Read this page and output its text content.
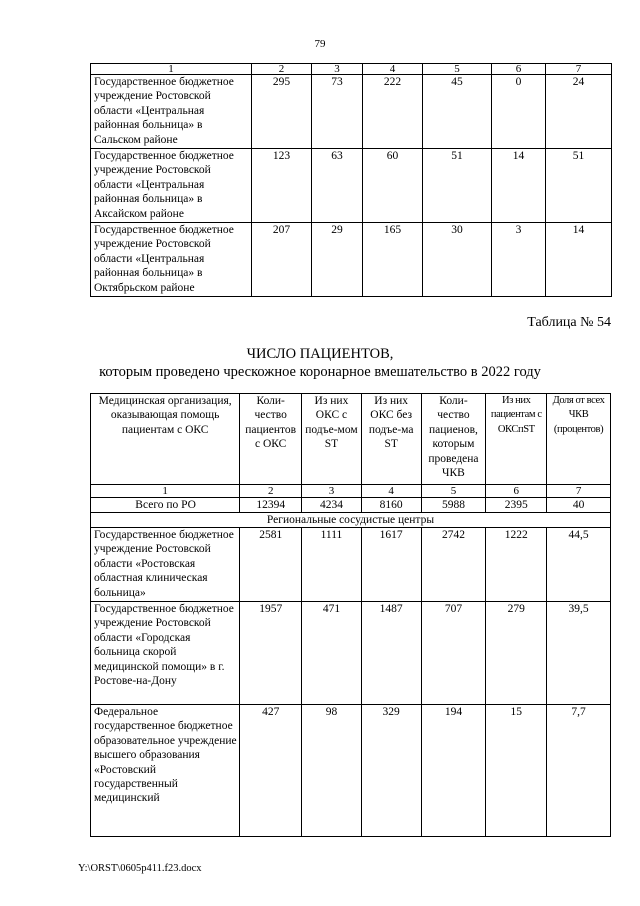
79
1	2	3	4	5	6	7
Государственное бюджетное учреждение Ростовской области «Центральная районная больница» в Сальском районе	295	73	222	45	0	24
Государственное бюджетное учреждение Ростовской области «Центральная районная больница» в Аксайском районе	123	63	60	51	14	51
Государственное бюджетное учреждение Ростовской области «Центральная районная больница» в Октябрьском районе	207	29	165	30	3	14
Таблица № 54
ЧИСЛО ПАЦИЕНТОВ,
которым проведено чрескожное коронарное вмешательство в 2022 году
Медицинская организация, оказывающая помощь пациентам с ОКС	Коли-чество пациентов с ОКС	Из них ОКС с подъе-мом ST	Из них ОКС без подъе-ма ST	Коли-чество пациенов, которым проведена ЧКВ	Из них пациентам с ОКСпST	Доля от всех ЧКВ (процентов)
1	2	3	4	5	6	7
Всего по РО	12394	4234	8160	5988	2395	40
Региональные сосудистые центры						
Государственное бюджетное учреждение Ростовской области «Ростовская областная клиническая больница»	2581	1111	1617	2742	1222	44,5
Государственное бюджетное учреждение Ростовской области «Городская больница скорой медицинской помощи» в г. Ростове-на-Дону	1957	471	1487	707	279	39,5
Федеральное государственное бюджетное образовательное учреждение высшего образования «Ростовский государственный медицинский	427	98	329	194	15	7,7
Y:\ORST\0605p411.f23.docx
